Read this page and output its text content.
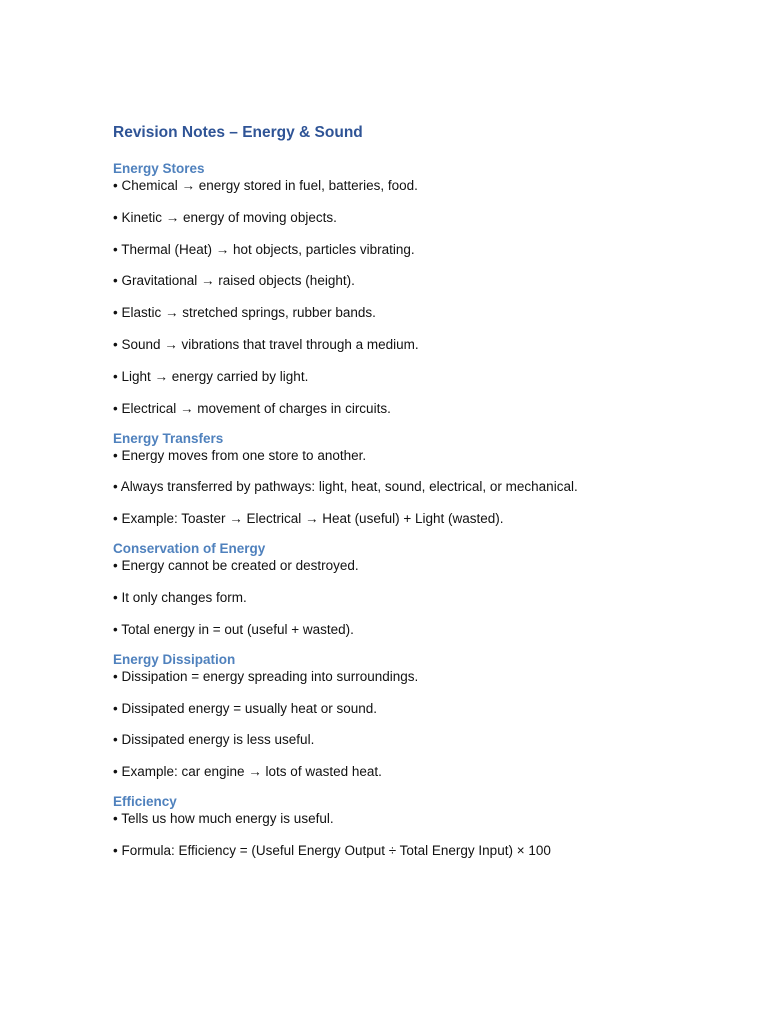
Revision Notes – Energy & Sound
Energy Stores
• Chemical → energy stored in fuel, batteries, food.
• Kinetic → energy of moving objects.
• Thermal (Heat) → hot objects, particles vibrating.
• Gravitational → raised objects (height).
• Elastic → stretched springs, rubber bands.
• Sound → vibrations that travel through a medium.
• Light → energy carried by light.
• Electrical → movement of charges in circuits.
Energy Transfers
• Energy moves from one store to another.
• Always transferred by pathways: light, heat, sound, electrical, or mechanical.
• Example: Toaster → Electrical → Heat (useful) + Light (wasted).
Conservation of Energy
• Energy cannot be created or destroyed.
• It only changes form.
• Total energy in = out (useful + wasted).
Energy Dissipation
• Dissipation = energy spreading into surroundings.
• Dissipated energy = usually heat or sound.
• Dissipated energy is less useful.
• Example: car engine → lots of wasted heat.
Efficiency
• Tells us how much energy is useful.
• Formula: Efficiency = (Useful Energy Output ÷ Total Energy Input) × 100
